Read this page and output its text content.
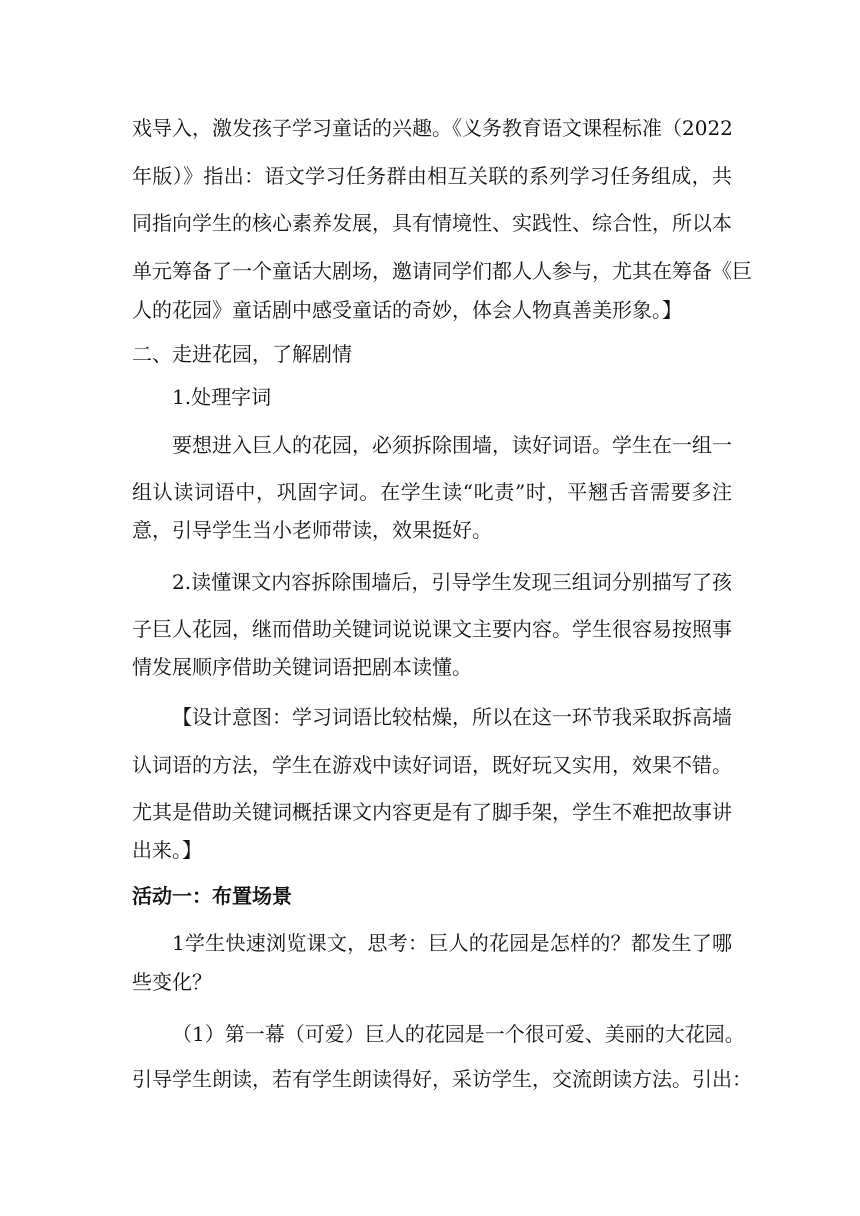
戏导入，激发孩子学习童话的兴趣。《义务教育语文课程标准（2022
年版）》指出：语文学习任务群由相互关联的系列学习任务组成，共
同指向学生的核心素养发展，具有情境性、实践性、综合性，所以本
单元筹备了一个童话大剧场，邀请同学们都人人参与，尤其在筹备《巨
人的花园》童话剧中感受童话的奇妙，体会人物真善美形象。】
二、走进花园，了解剧情
1.处理字词
要想进入巨人的花园，必须拆除围墙，读好词语。学生在一组一
组认读词语中，巩固字词。在学生读“叱责”时，平翘舌音需要多注
意，引导学生当小老师带读，效果挺好。
2.读懂课文内容拆除围墙后，引导学生发现三组词分别描写了孩
子巨人花园，继而借助关键词说说课文主要内容。学生很容易按照事
情发展顺序借助关键词语把剧本读懂。
【设计意图：学习词语比较枯燥，所以在这一环节我采取拆高墙
认词语的方法，学生在游戏中读好词语，既好玩又实用，效果不错。
尤其是借助关键词概括课文内容更是有了脚手架，学生不难把故事讲
出来。】
活动一：布置场景
1学生快速浏览课文，思考：巨人的花园是怎样的？都发生了哪
些变化？
（1）第一幕（可爱）巨人的花园是一个很可爱、美丽的大花园。
引导学生朗读，若有学生朗读得好，采访学生，交流朗读方法。引出：
